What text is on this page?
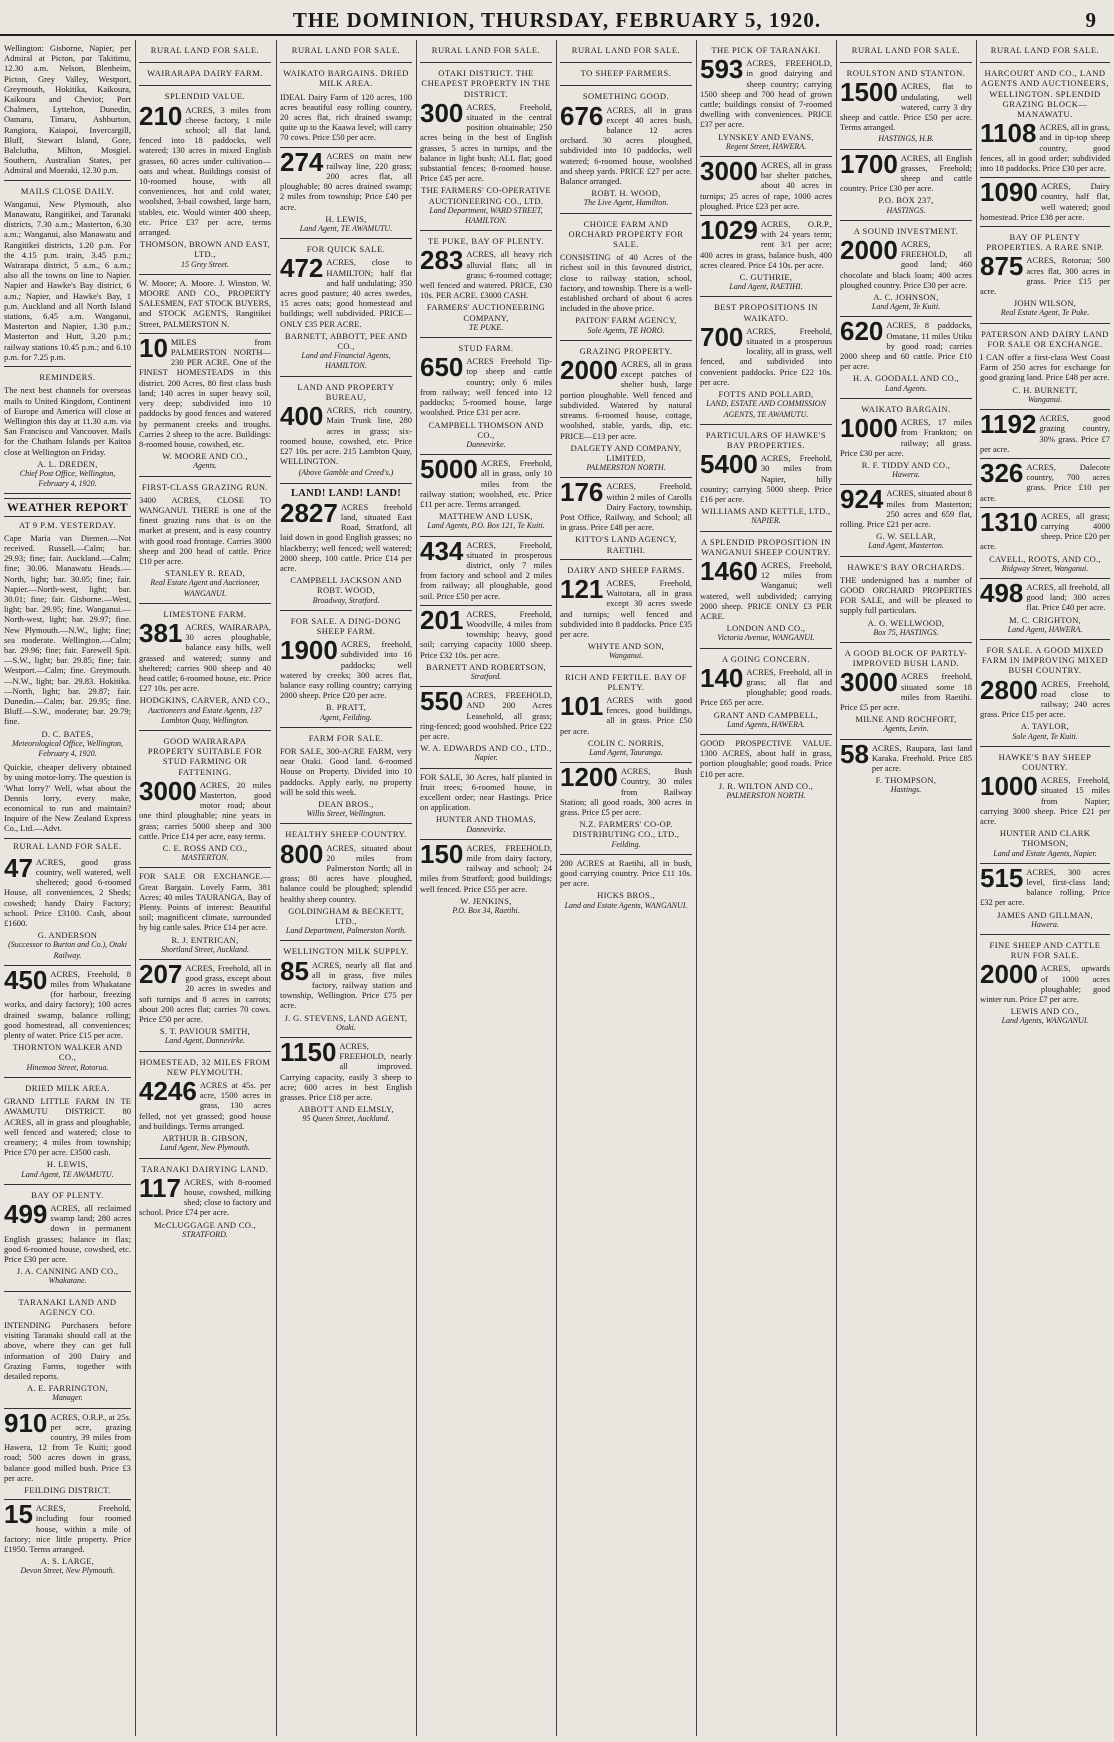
THE DOMINION, THURSDAY, FEBRUARY 5, 1920.	9
Wellington: Gisborne, Napier, per Admiral at Picton, par Takitimu, 12.30 a.m. Nelson, Blenheim, Picton, Grey Valley, Westport, Greymouth, Hokitika, Kaikoura, Kaikoura and Cheviot; Port Chalmers, Lyttelton, Dunedin, Oamaru, Timaru, Ashburton, Rangiora, Kaiapoi, Invercargill, Bluff, Stewart Island, Gore, Balclutha, Milton, Mosgiel. Southern, Australian States, per Admiral and Moeraki, 12.30 p.m.
MAILS CLOSE DAILY.
Wanganui, New Plymouth, also Manawatu, Rangitikei, and Taranaki districts, 7.30 a.m.; Masterton, 6.30 a.m.; Wanganui, also Manawatu and Rangitikei districts, 1.20 p.m. For the 4.15 p.m. train, 3.45 p.m.; Wairarapa district, 5 a.m., 6 a.m.; also all the towns on line to Napier. Napier and Hawke's Bay district, 6 a.m.; Napier, and Hawke's Bay, 1 p.m. Auckland and all North Island stations, 6.45 a.m. Wanganui, Masterton and Napier, 1.30 p.m.; Masterton and Hutt, 3.20 p.m.; railway stations 10.45 p.m.; and 6.10 p.m. for 7.25 p.m.
REMINDERS.
The next best channels for overseas mails to United Kingdom, Continent of Europe and America will close at Wellington this day at 11.30 a.m. via San Francisco and Vancouver. Mails for the Chatham Islands per Kaitoa close at Wellington on Friday.
A. L. DREDEN,
Chief Post Office, Wellington, February 4, 1920.
WEATHER REPORT
AT 9 P.M. YESTERDAY.
Cape Maria van Diemen.—Not received. Russell.—Calm; bar. 29.93; fine; fair. Auckland.—Calm; fine; 30.06. Manawatu Heads.—North, light; bar. 30.05; fine; fair. Napier.—North-west, light; bar. 30.01; fine; fair. Gisborne.—West, light; bar. 29.95; fine. Wanganui.—North-west, light; bar. 29.97; fine. New Plymouth.—N.W., light; fine; sea moderate. Wellington.—Calm; bar. 29.96; fine; fair. Farewell Spit.—S.W., light; bar. 29.85; fine; fair. Westport.—Calm; fine. Greymouth.—N.W., light; bar. 29.83. Hokitika.—North, light; bar. 29.87; fair. Dunedin.—Calm; bar. 29.95; fine. Bluff.—S.W., moderate; bar. 29.79; fine.
D. C. BATES,
Meteorological Office, Wellington, February 4, 1920.
Quickie, cheaper delivery obtained by using motor-lorry. The question is 'What lorry?' Well, what about the Dennis lorry, every make, economical to run and maintain? Inquire of the New Zealand Express Co., Ltd.—Advt.
RURAL LAND FOR SALE.
47 ACRES, good grass country, well watered, well sheltered; good 6-roomed House, all conveniences, 2 Sheds; cowshed; handy Dairy Factory; school. Price £3100. Cash, about £1600.
G. ANDERSON
(Successor to Burton and Co.), Otaki Railway.
450 ACRES, Freehold, 8 miles from Whakatane (for harbour, freezing works, and dairy factory); 100 acres drained swamp, balance rolling; good homestead, all conveniences; plenty of water. Price £15 per acre.
THORNTON WALKER AND CO.,
Hinemoa Street, Rotorua.
DRIED MILK AREA.
GRAND LITTLE FARM IN TE AWAMUTU DISTRICT. 80 ACRES, all in grass and ploughable, well fenced and watered; close to creamery; 4 miles from township; Price £70 per acre. £3500 cash.
H. LEWIS,
Land Agent, TE AWAMUTU.
BAY OF PLENTY.
499 ACRES, all reclaimed swamp land; 280 acres down in permanent English grasses; balance in flax; good 6-roomed house, cowshed, etc. Price £30 per acre.
J. A. CANNING AND CO.,
Whakatane.
TARANAKI LAND AND AGENCY CO.
INTENDING Purchasers before visiting Taranaki should call at the above, where they can get full information of 200 Dairy and Grazing Farms, together with detailed reports.
A. E. FARRINGTON,
Manager.
910 ACRES, O.R.P., at 25s. per acre, grazing country, 39 miles from Hawera, 12 from Te Kuiti; good road; 500 acres down in grass, balance good milled bush. Price £3 per acre.
FEILDING DISTRICT.
15 ACRES, Freehold, including four roomed house, within a mile of factory; nice little property. Price £1950. Terms arranged.
A. S. LARGE,
Devon Street, New Plymouth.
RURAL LAND FOR SALE.
WAIRARAPA DAIRY FARM.
SPLENDID VALUE.
210 ACRES, 3 miles from cheese factory, 1 mile school; all flat land, fenced into 18 paddocks, well watered; 130 acres in mixed English grasses, 60 acres under cultivation—oats and wheat. Buildings consist of 10-roomed house, with all conveniences, hot and cold water, woolshed, 3-bail cowshed, large barn, stables, etc. Would winter 400 sheep, etc. Price £37 per acre, terms arranged.
THOMSON, BROWN AND EAST, LTD.,
15 Grey Street.
W. Moore; A. Moore. J. Winston. W. MOORE AND CO., PROPERTY SALESMEN, FAT STOCK BUYERS, and STOCK AGENTS, Rangitikei Street, PALMERSTON N.
10 MILES from PALMERSTON NORTH—230 PER ACRE. One of the FINEST HOMESTEADS in this district. 200 Acres, 80 first class bush land; 140 acres in super heavy soil, very deep; subdivided into 10 paddocks by good fences and watered by permanent creeks and troughs. Carries 2 sheep to the acre. Buildings: 8-roomed house, cowshed, etc.
W. MOORE AND CO.,
Agents.
FIRST-CLASS GRAZING RUN.
3400 ACRES, CLOSE TO WANGANUI. THERE is one of the finest grazing runs that is on the market at present, and is easy country with good road frontage. Carries 3000 sheep and 200 head of cattle. Price £10 per acre.
STANLEY R. READ,
Real Estate Agent and Auctioneer, WANGANUI.
LIMESTONE FARM.
381 ACRES, WAIRARAPA, 30 acres ploughable, balance easy hills, well grassed and watered; sunny and sheltered; carries 900 sheep and 40 head cattle; 6-roomed house, etc. Price £27 10s. per acre.
HODGKINS, CARVER, AND CO.,
Auctioneers and Estate Agents, 137 Lambton Quay, Wellington.
GOOD WAIRARAPA PROPERTY SUITABLE FOR STUD FARMING OR FATTENING.
3000 ACRES, 20 miles Masterton, good motor road; about one third ploughable; nine years in grass; carries 5000 sheep and 300 cattle. Price £14 per acre, easy terms.
C. E. ROSS AND CO.,
MASTERTON.
FOR SALE OR EXCHANGE.—Great Bargain. Lovely Farm, 381 Acres; 40 miles TAURANGA, Bay of Plenty. Points of interest: Beautiful soil; magnificent climate, surrounded by big cattle sales. Price £14 per acre.
R. J. ENTRICAN,
Shortland Street, Auckland.
207 ACRES, Freehold, all in good grass, except about 20 acres in swedes and soft turnips and 8 acres in carrots; about 200 acres flat; carries 70 cows. Price £50 per acre.
S. T. PAVIOUR SMITH,
Land Agent, Dannevirke.
HOMESTEAD, 32 MILES FROM NEW PLYMOUTH.
4246 ACRES at 45s. per acre, 1500 acres in grass, 130 acres felled, not yet grassed; good house and buildings. Terms arranged.
ARTHUR B. GIBSON,
Land Agent, New Plymouth.
TARANAKI DAIRYING LAND.
117 ACRES, with 8-roomed house, cowshed, milking shed; close to factory and school. Price £74 per acre.
McCLUGGAGE AND CO.,
STRATFORD.
RURAL LAND FOR SALE.
WAIKATO BARGAINS. DRIED MILK AREA.
IDEAL Dairy Farm of 120 acres, 100 acres beautiful easy rolling country, 20 acres flat, rich drained swamp; quite up to the Kaawa level; will carry 70 cows. Price £50 per acre.
274 ACRES on main new railway line, 220 grass; 200 acres flat, all ploughable; 80 acres drained swamp; 2 miles from township; Price £40 per acre.
H. LEWIS,
Land Agent, TE AWAMUTU.
FOR QUICK SALE.
472 ACRES, close to HAMILTON; half flat and half undulating; 350 acres good pasture; 40 acres swedes, 15 acres oats; good homestead and buildings; well subdivided. PRICE—ONLY £35 PER ACRE.
BARNETT, ABBOTT, PEE AND CO.,
Land and Financial Agents, HAMILTON.
LAND AND PROPERTY BUREAU,
400 ACRES, rich country, Main Trunk line, 280 acres in grass; six-roomed house, cowshed, etc. Price £27 10s. per acre. 215 Lambton Quay, WELLINGTON.
(Above Gamble and Creed's.)
LAND! LAND! LAND!
2827 ACRES freehold land, situated East Road, Stratford, all laid down in good English grasses; no blackberry; well fenced; well watered; 2000 sheep, 100 cattle. Price £14 per acre.
CAMPBELL JACKSON AND ROBT. WOOD,
Broadway, Stratford.
FOR SALE. A DING-DONG SHEEP FARM.
1900 ACRES, freehold, subdivided into 16 paddocks; well watered by creeks; 300 acres flat, balance easy rolling country; carrying 2000 sheep. Price £20 per acre.
B. PRATT,
Agent, Feilding.
FARM FOR SALE.
FOR SALE, 300-ACRE FARM, very near Otaki. Good land. 6-roomed House on Property. Divided into 10 paddocks. Apply early, no property will be sold this week.
DEAN BROS.,
Willis Street, Wellington.
HEALTHY SHEEP COUNTRY.
800 ACRES, situated about 20 miles from Palmerston North; all in grass; 80 acres have ploughed, balance could be ploughed; splendid healthy sheep country.
GOLDINGHAM & BECKETT, LTD.,
Land Department, Palmerston North.
WELLINGTON MILK SUPPLY.
85 ACRES, nearly all flat and all in grass, five miles factory, railway station and township, Wellington. Price £75 per acre.
J. G. STEVENS, LAND AGENT,
Otaki.
1150 ACRES, FREEHOLD, nearly all improved. Carrying capacity, easily 3 sheep to acre; 600 acres in best English grasses. Price £18 per acre.
ABBOTT AND ELMSLY,
95 Queen Street, Auckland.
RURAL LAND FOR SALE.
OTAKI DISTRICT. THE CHEAPEST PROPERTY IN THE DISTRICT.
300 ACRES, Freehold, situated in the central position obtainable; 250 acres being in the best of English grasses, 5 acres in turnips, and the balance in light bush; ALL flat; good substantial fences; 8-roomed house. Price £45 per acre.
THE FARMERS' CO-OPERATIVE AUCTIONEERING CO., LTD.
Land Department, WARD STREET, HAMILTON.
TE PUKE, BAY OF PLENTY.
283 ACRES, all heavy rich alluvial flats; all in grass; 6-roomed cottage; well fenced and watered. PRICE, £30 10s. PER ACRE. £3000 CASH.
FARMERS' AUCTIONEERING COMPANY,
TE PUKE.
STUD FARM.
650 ACRES Freehold Tip-top sheep and cattle country; only 6 miles from railway; well fenced into 12 paddocks; 5-roomed house, large woolshed. Price £31 per acre.
CAMPBELL THOMSON AND CO.,
Dannevirke.
5000 ACRES, Freehold, all in grass, only 10 miles from the railway station; woolshed, etc. Price £11 per acre. Terms arranged.
MATTHEW AND LUSK,
Land Agents, P.O. Box 121, Te Kuiti.
434 ACRES, Freehold, situated in prosperous district, only 7 miles from factory and school and 2 miles from railway; all ploughable, good soil. Price £50 per acre.
201 ACRES, Freehold, Woodville, 4 miles from township; heavy, good soil; carrying capacity 1000 sheep. Price £32 10s. per acre.
BARNETT AND ROBERTSON,
Stratford.
550 ACRES, FREEHOLD, AND 200 Acres Leasehold, all grass; ring-fenced; good woolshed. Price £22 per acre.
W. A. EDWARDS AND CO., LTD.,
Napier.
FOR SALE, 30 Acres, half planted in fruit trees; 6-roomed house, in excellent order; near Hastings. Price on application.
HUNTER AND THOMAS,
Dannevirke.
150 ACRES, FREEHOLD, mile from dairy factory, railway and school; 24 miles from Stratford; good buildings; well fenced. Price £55 per acre.
W. JENKINS,
P.O. Box 34, Raetihi.
RURAL LAND FOR SALE.
TO SHEEP FARMERS.
SOMETHING GOOD.
676 ACRES, all in grass except 40 acres bush, balance 12 acres orchard. 30 acres ploughed, subdivided into 10 paddocks, well watered; 6-roomed house, woolshed and sheep yards. PRICE £27 per acre. Balance arranged.
ROBT. H. WOOD,
The Live Agent, Hamilton.
CHOICE FARM AND ORCHARD PROPERTY FOR SALE.
CONSISTING of 40 Acres of the richest soil in this favoured district, close to railway station, school, factory, and township. There is a well-established orchard of about 6 acres included in the above price.
PAITON' FARM AGENCY,
Sole Agents, TE HORO.
GRAZING PROPERTY.
2000 ACRES, all in grass except patches of shelter bush, large portion ploughable. Well fenced and subdivided. Watered by natural streams. 6-roomed house, cottage, woolshed, stable, yards, dip, etc. PRICE—£13 per acre.
DALGETY AND COMPANY, LIMITED,
PALMERSTON NORTH.
176 ACRES, Freehold, within 2 miles of Carolls Dairy Factory, township, Post Office, Railway, and School; all in grass. Price £48 per acre.
KITTO'S LAND AGENCY, RAETIHI.
DAIRY AND SHEEP FARMS.
121 ACRES, Freehold, Waitotara, all in grass except 30 acres swede and turnips; well fenced and subdivided into 8 paddocks. Price £35 per acre.
WHYTE AND SON,
Wanganui.
RICH AND FERTILE. BAY OF PLENTY.
101 ACRES with good fences, good buildings, all in grass. Price £50 per acre.
COLIN C. NORRIS,
Land Agent, Tauranga.
1200 ACRES, Bush Country, 30 miles from Railway Station; all good roads, 300 acres in grass. Price £5 per acre.
N.Z. FARMERS' CO-OP. DISTRIBUTING CO., LTD.,
Feilding.
200 ACRES at Raetihi, all in bush, good carrying country. Price £11 10s. per acre.
HICKS BROS.,
Land and Estate Agents, WANGANUI.
THE PICK OF TARANAKI.
593 ACRES, FREEHOLD, in good dairying and sheep country; carrying 1500 sheep and 700 head of grown cattle; buildings consist of 7-roomed dwelling with conveniences. PRICE £37 per acre.
LYNSKEY AND EVANS,
Regent Street, HAWERA.
3000 ACRES, all in grass bar shelter patches, about 40 acres in turnips; 25 acres of rape, 1000 acres ploughed. Price £23 per acre.
1029 ACRES, O.R.P., with 24 years term; rent 3/1 per acre; 400 acres in grass, balance bush, 400 acres cleared. Price £4 10s. per acre.
C. GUTHRIE,
Land Agent, RAETIHI.
BEST PROPOSITIONS IN WAIKATO.
700 ACRES, Freehold, situated in a prosperous locality, all in grass, well fenced, and subdivided into convenient paddocks. Price £22 10s. per acre.
FOTTS AND POLLARD,
LAND, ESTATE AND COMMISSION AGENTS, TE AWAMUTU.
PARTICULARS OF HAWKE'S BAY PROPERTIES.
5400 ACRES, Freehold, 30 miles from Napier, hilly country; carrying 5000 sheep. Price £16 per acre.
WILLIAMS AND KETTLE, LTD.,
NAPIER.
A SPLENDID PROPOSITION IN WANGANUI SHEEP COUNTRY.
1460 ACRES, Freehold, 12 miles from Wanganui; well watered, well subdivided; carrying 2000 sheep. PRICE ONLY £3 PER ACRE.
LONDON AND CO.,
Victoria Avenue, WANGANUI.
A GOING CONCERN.
140 ACRES, Freehold, all in grass; all flat and ploughable; good roads. Price £65 per acre.
GRANT AND CAMPBELL,
Land Agents, HAWERA.
GOOD PROSPECTIVE VALUE. 1300 ACRES, about half in grass, portion ploughable; good roads. Price £10 per acre.
J. R. WILTON AND CO.,
PALMERSTON NORTH.
RURAL LAND FOR SALE.
ROULSTON AND STANTON.
1500 ACRES, flat to undulating, well watered, carry 3 dry sheep and cattle. Price £50 per acre. Terms arranged.
HASTINGS, H.B.
1700 ACRES, all English grasses, Freehold; sheep and cattle country. Price £30 per acre.
P.O. BOX 237,
HASTINGS.
A SOUND INVESTMENT.
2000 ACRES, FREEHOLD, all good land; 460 chocolate and black loam; 400 acres ploughed country. Price £30 per acre.
A. C. JOHNSON,
Land Agent, Te Kuiti.
620 ACRES, 8 paddocks, Omatane, 11 miles Utiku by good road; carries 2000 sheep and 60 cattle. Price £10 per acre.
H. A. GOODALL AND CO.,
Land Agents.
WAIKATO BARGAIN.
1000 ACRES, 17 miles from Frankton; on railway; all grass. Price £30 per acre.
R. F. TIDDY AND CO.,
Hawera.
924 ACRES, situated about 8 miles from Masterton; 250 acres and 659 flat, rolling. Price £21 per acre.
G. W. SELLAR,
Land Agent, Masterton.
HAWKE'S BAY ORCHARDS.
THE undersigned has a number of GOOD ORCHARD PROPERTIES FOR SALE, and will be pleased to supply full particulars.
A. O. WELLWOOD,
Box 75, HASTINGS.
A GOOD BLOCK OF PARTLY-IMPROVED BUSH LAND.
3000 ACRES freehold, situated some 18 miles from Raetihi. Price £5 per acre.
MILNE AND ROCHFORT,
Agents, Levin.
58 ACRES, Raupara, last land Karaka. Freehold. Price £85 per acre.
F. THOMPSON,
Hastings.
RURAL LAND FOR SALE.
HARCOURT AND CO., LAND AGENTS AND AUCTIONEERS, WELLINGTON. SPLENDID GRAZING BLOCK—MANAWATU.
1108 ACRES, all in grass, and in tip-top sheep country, good fences, all in good order; subdivided into 18 paddocks. Price £30 per acre.
1090 ACRES, Dairy country, half flat, well watered; good homestead. Price £38 per acre.
BAY OF PLENTY PROPERTIES. A RARE SNIP.
875 ACRES, Rotorua; 500 acres flat, 300 acres in grass. Price £15 per acre.
JOHN WILSON,
Real Estate Agent, Te Puke.
PATERSON AND DAIRY LAND FOR SALE OR EXCHANGE.
I CAN offer a first-class West Coast Farm of 250 acres for exchange for good grazing land. Price £48 per acre.
C. H. BURNETT,
Wanganui.
1192 ACRES, good grazing country, 30% grass. Price £7 per acre.
326 ACRES, Dalecote country, 700 acres grass. Price £10 per acre.
1310 ACRES, all grass; carrying 4000 sheep. Price £20 per acre.
CAVELL, ROOTS, AND CO.,
Ridgway Street, Wanganui.
498 ACRES, all freehold, all good land; 300 acres flat. Price £40 per acre.
M. C. CRIGHTON,
Land Agent, HAWERA.
FOR SALE. A GOOD MIXED FARM IN IMPROVING MIXED BUSH COUNTRY.
2800 ACRES, Freehold, road close to railway; 240 acres grass. Price £15 per acre.
A. TAYLOR,
Sole Agent, Te Kuiti.
HAWKE'S BAY SHEEP COUNTRY.
1000 ACRES, Freehold, situated 15 miles from Napier; carrying 3000 sheep. Price £21 per acre.
HUNTER AND CLARK THOMSON,
Land and Estate Agents, Napier.
515 ACRES, 300 acres level, first-class land; balance rolling. Price £32 per acre.
JAMES AND GILLMAN,
Hawera.
FINE SHEEP AND CATTLE RUN FOR SALE.
2000 ACRES, upwards of 1000 acres ploughable; good winter run. Price £7 per acre.
LEWIS AND CO.,
Land Agents, WANGANUI.
